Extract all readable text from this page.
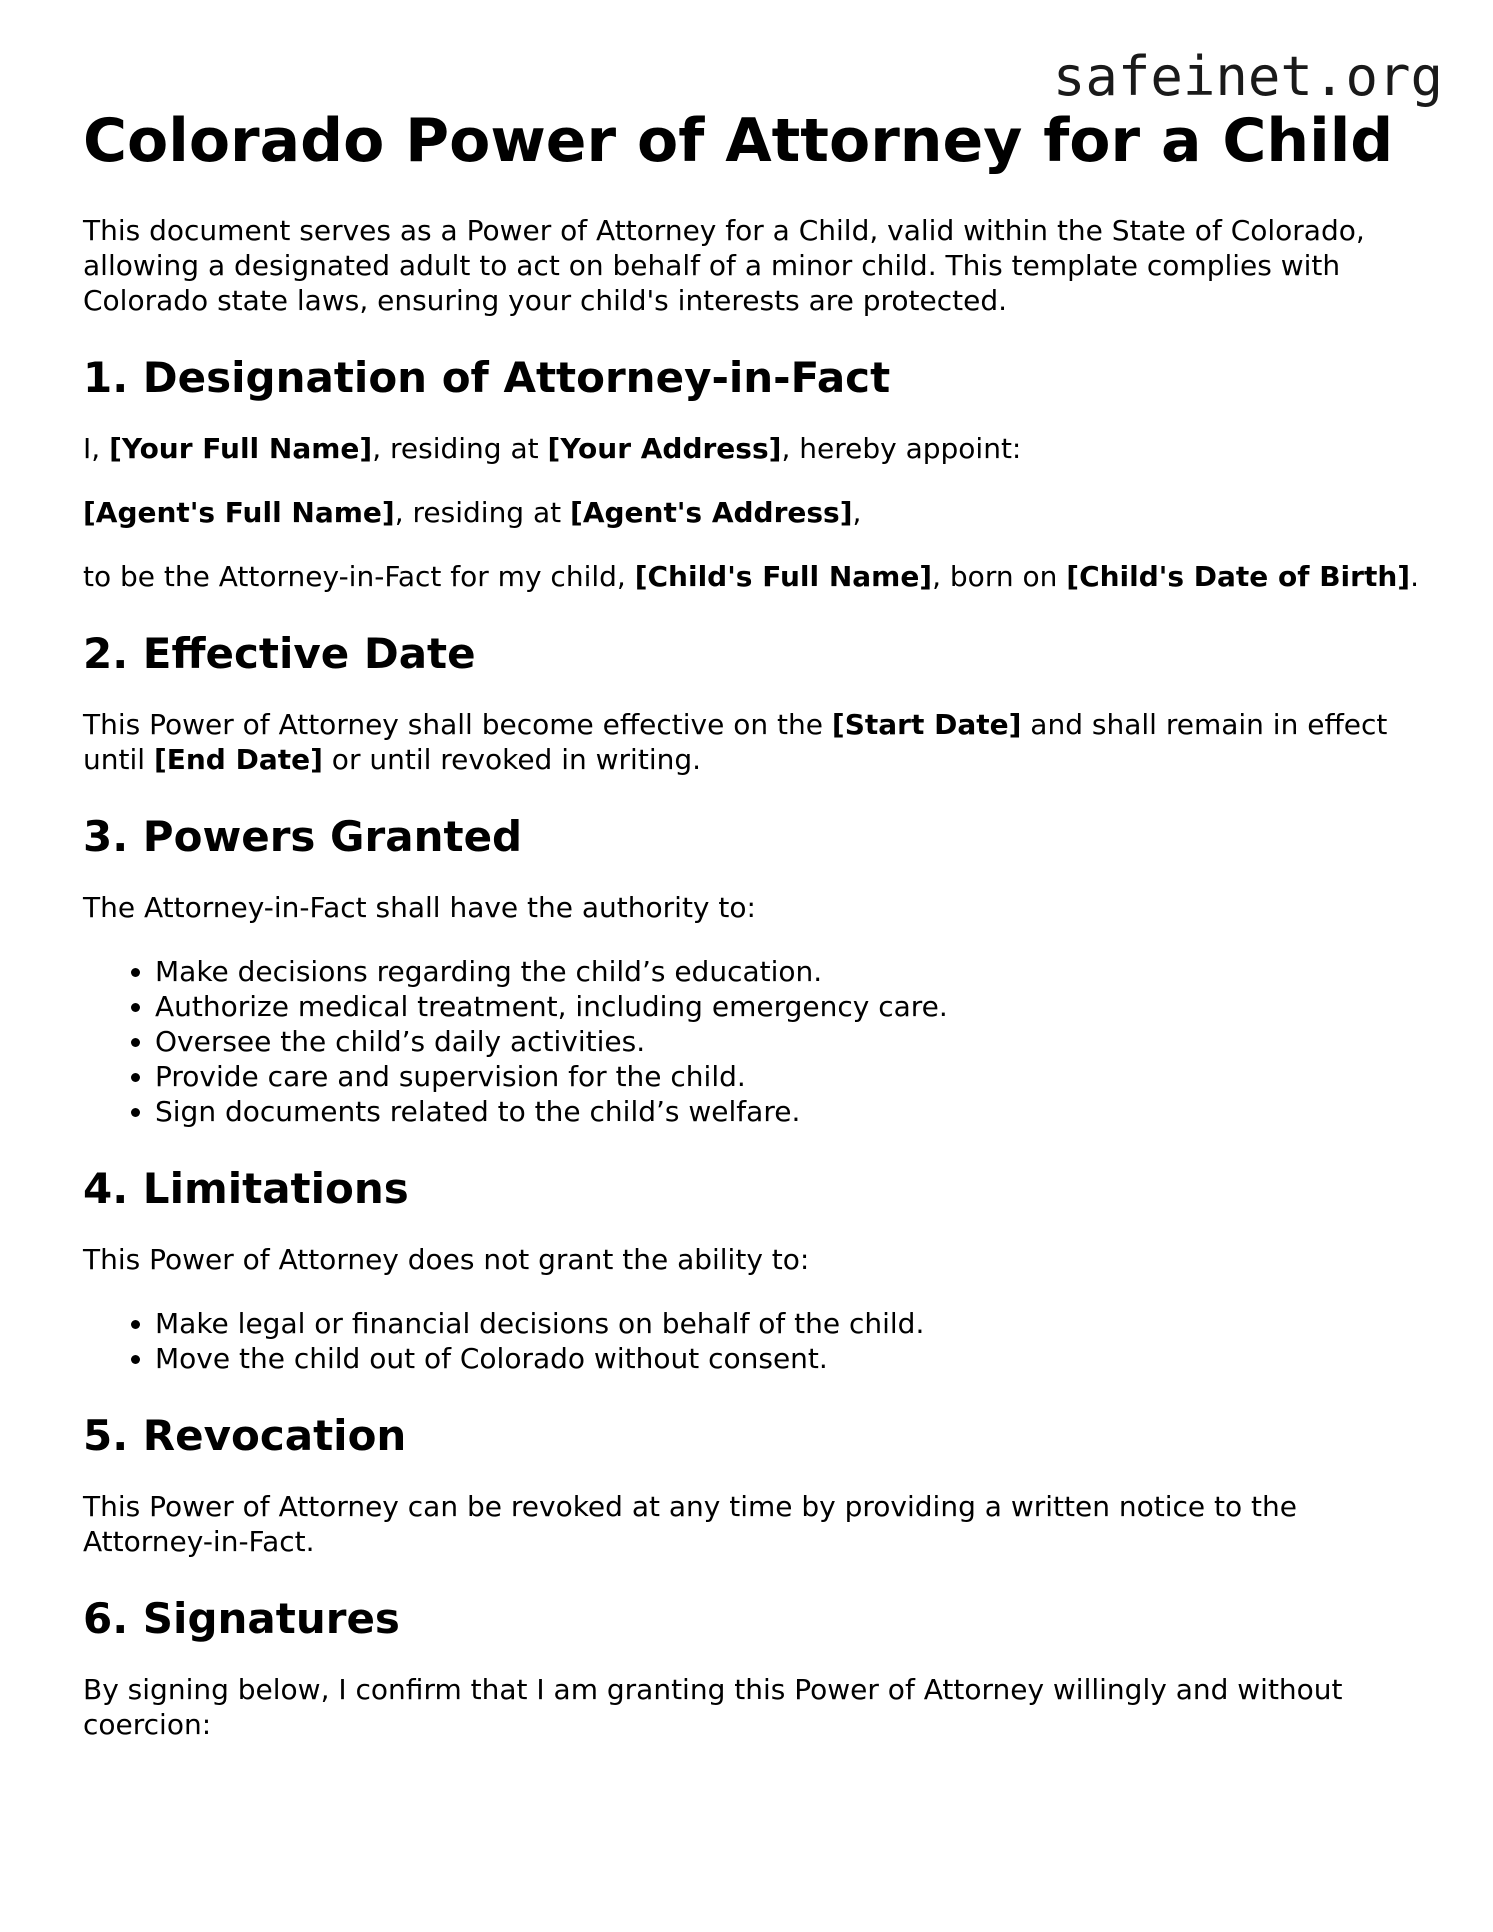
safeinet.org
Colorado Power of Attorney for a Child

This document serves as a Power of Attorney for a Child, valid within the State of Colorado, allowing a designated adult to act on behalf of a minor child. This template complies with Colorado state laws, ensuring your child's interests are protected.

1. Designation of Attorney-in-Fact

I, [Your Full Name], residing at [Your Address], hereby appoint:

[Agent's Full Name], residing at [Agent's Address],

to be the Attorney-in-Fact for my child, [Child's Full Name], born on [Child's Date of Birth].

2. Effective Date

This Power of Attorney shall become effective on the [Start Date] and shall remain in effect until [End Date] or until revoked in writing.

3. Powers Granted

The Attorney-in-Fact shall have the authority to:

• Make decisions regarding the child’s education.
• Authorize medical treatment, including emergency care.
• Oversee the child’s daily activities.
• Provide care and supervision for the child.
• Sign documents related to the child’s welfare.
4. Limitations

This Power of Attorney does not grant the ability to:

• Make legal or financial decisions on behalf of the child.
• Move the child out of Colorado without consent.
5. Revocation

This Power of Attorney can be revoked at any time by providing a written notice to the Attorney-in-Fact.

6. Signatures

By signing below, I confirm that I am granting this Power of Attorney willingly and without coercion:
